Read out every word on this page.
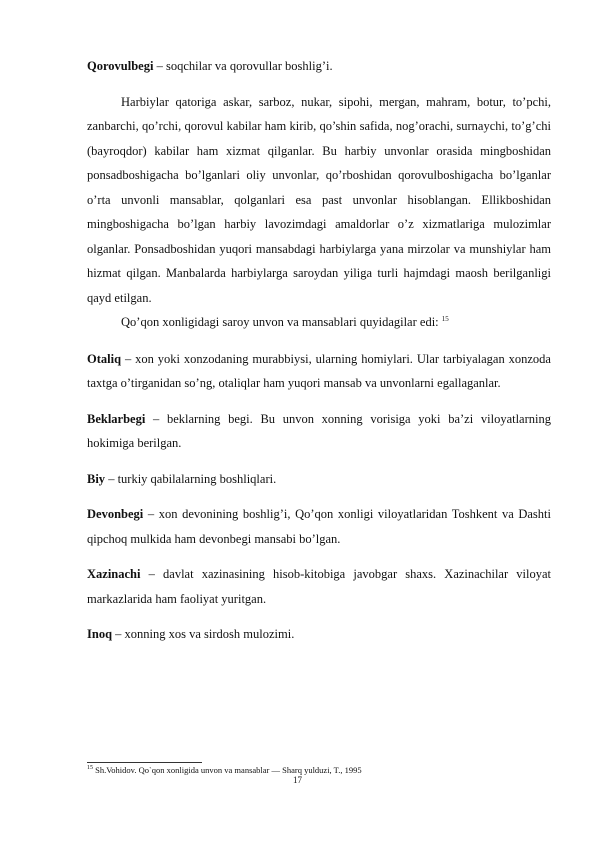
Qorovulbegi – soqchilar va qorovullar boshlig’i.

Harbiylar qatoriga askar, sarboz, nukar, sipohi, mergan, mahram, botur, to’pchi, zanbarchi, qo’rchi, qorovul kabilar ham kirib, qo’shin safida, nog’orachi, surnaychi, to’g’chi (bayroqdor) kabilar ham xizmat qilganlar. Bu harbiy unvonlar orasida mingboshidan ponsadboshigacha bo’lganlari oliy unvonlar, qo’rboshidan qorovulboshigacha bo’lganlar o’rta unvonli mansablar, qolganlari esa past unvonlar hisoblangan. Ellikboshidan mingboshigacha bo’lgan harbiy lavozimdagi amaldorlar o’z xizmatlariga mulozimlar olganlar. Ponsadboshidan yuqori mansabdagi harbiylarga yana mirzolar va munshiylar ham hizmat qilgan. Manbalarda harbiylarga saroydan yiliga turli hajmdagi maosh berilganligi qayd etilgan.

Qo’qon xonligidagi saroy unvon va mansablari quyidagilar edi: $^{15}$

Otaliq – xon yoki xonzodaning murabbiysi, ularning homiylari. Ular tarbiyalagan xonzoda taxtga o’tirganidan so’ng, otaliqlar ham yuqori mansab va unvonlarni egallaganlar.

Beklarbegi – beklarning begi. Bu unvon xonning vorisiga yoki ba’zi viloyatlarning hokimiga berilgan.

Biy – turkiy qabilalarning boshliqlari.

Devonbegi – xon devonining boshlig’i, Qo’qon xonligi viloyatlaridan Toshkent va Dashti qipchoq mulkida ham devonbegi mansabi bo’lgan.

Xazinachi – davlat xazinasining hisob-kitobiga javobgar shaxs. Xazinachilar viloyat markazlarida ham faoliyat yuritgan.

Inoq – xonning xos va sirdosh mulozimi.

$^{15}$ Sh.Vohidov. Qo`qon xonligida unvon va mansablar — Sharq yulduzi, T., 1995
17
